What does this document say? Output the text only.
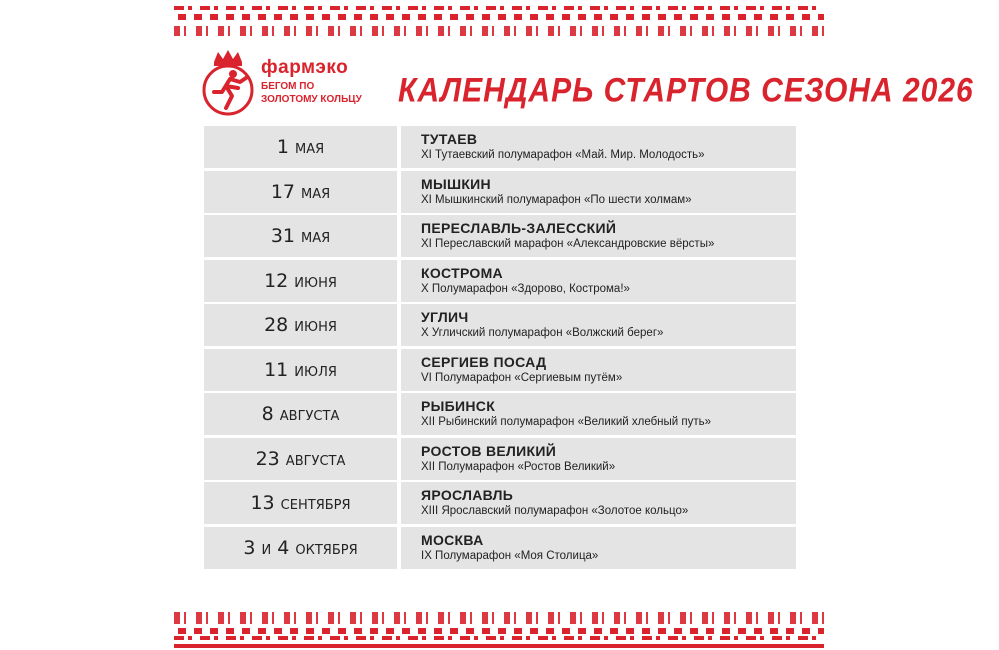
фармэко
БЕГОМ ПО ЗОЛОТОМУ КОЛЬЦУ	КАЛЕНДАРЬ СТАРТОВ СЕЗОНА 2026
1 мая	ТУТАЕВ
XI Тутаевский полумарафон «Май. Мир. Молодость»
17 мая	МЫШКИН
XI Мышкинский полумарафон «По шести холмам»
31 мая	ПЕРЕСЛАВЛЬ-ЗАЛЕССКИЙ
XI Переславский марафон «Александровские вёрсты»
12 июня	КОСТРОМА
X Полумарафон «Здорово, Кострома!»
28 июня	УГЛИЧ
X Угличский полумарафон «Волжский берег»
11 июля	СЕРГИЕВ ПОСАД
VI Полумарафон «Сергиевым путём»
8 августа	РЫБИНСК
XII Рыбинский полумарафон «Великий хлебный путь»
23 августа	РОСТОВ ВЕЛИКИЙ
XII Полумарафон «Ростов Великий»
13 сентября	ЯРОСЛАВЛЬ
XIII Ярославский полумарафон «Золотое кольцо»
3 и 4 октября	МОСКВА
IX Полумарафон «Моя Столица»
